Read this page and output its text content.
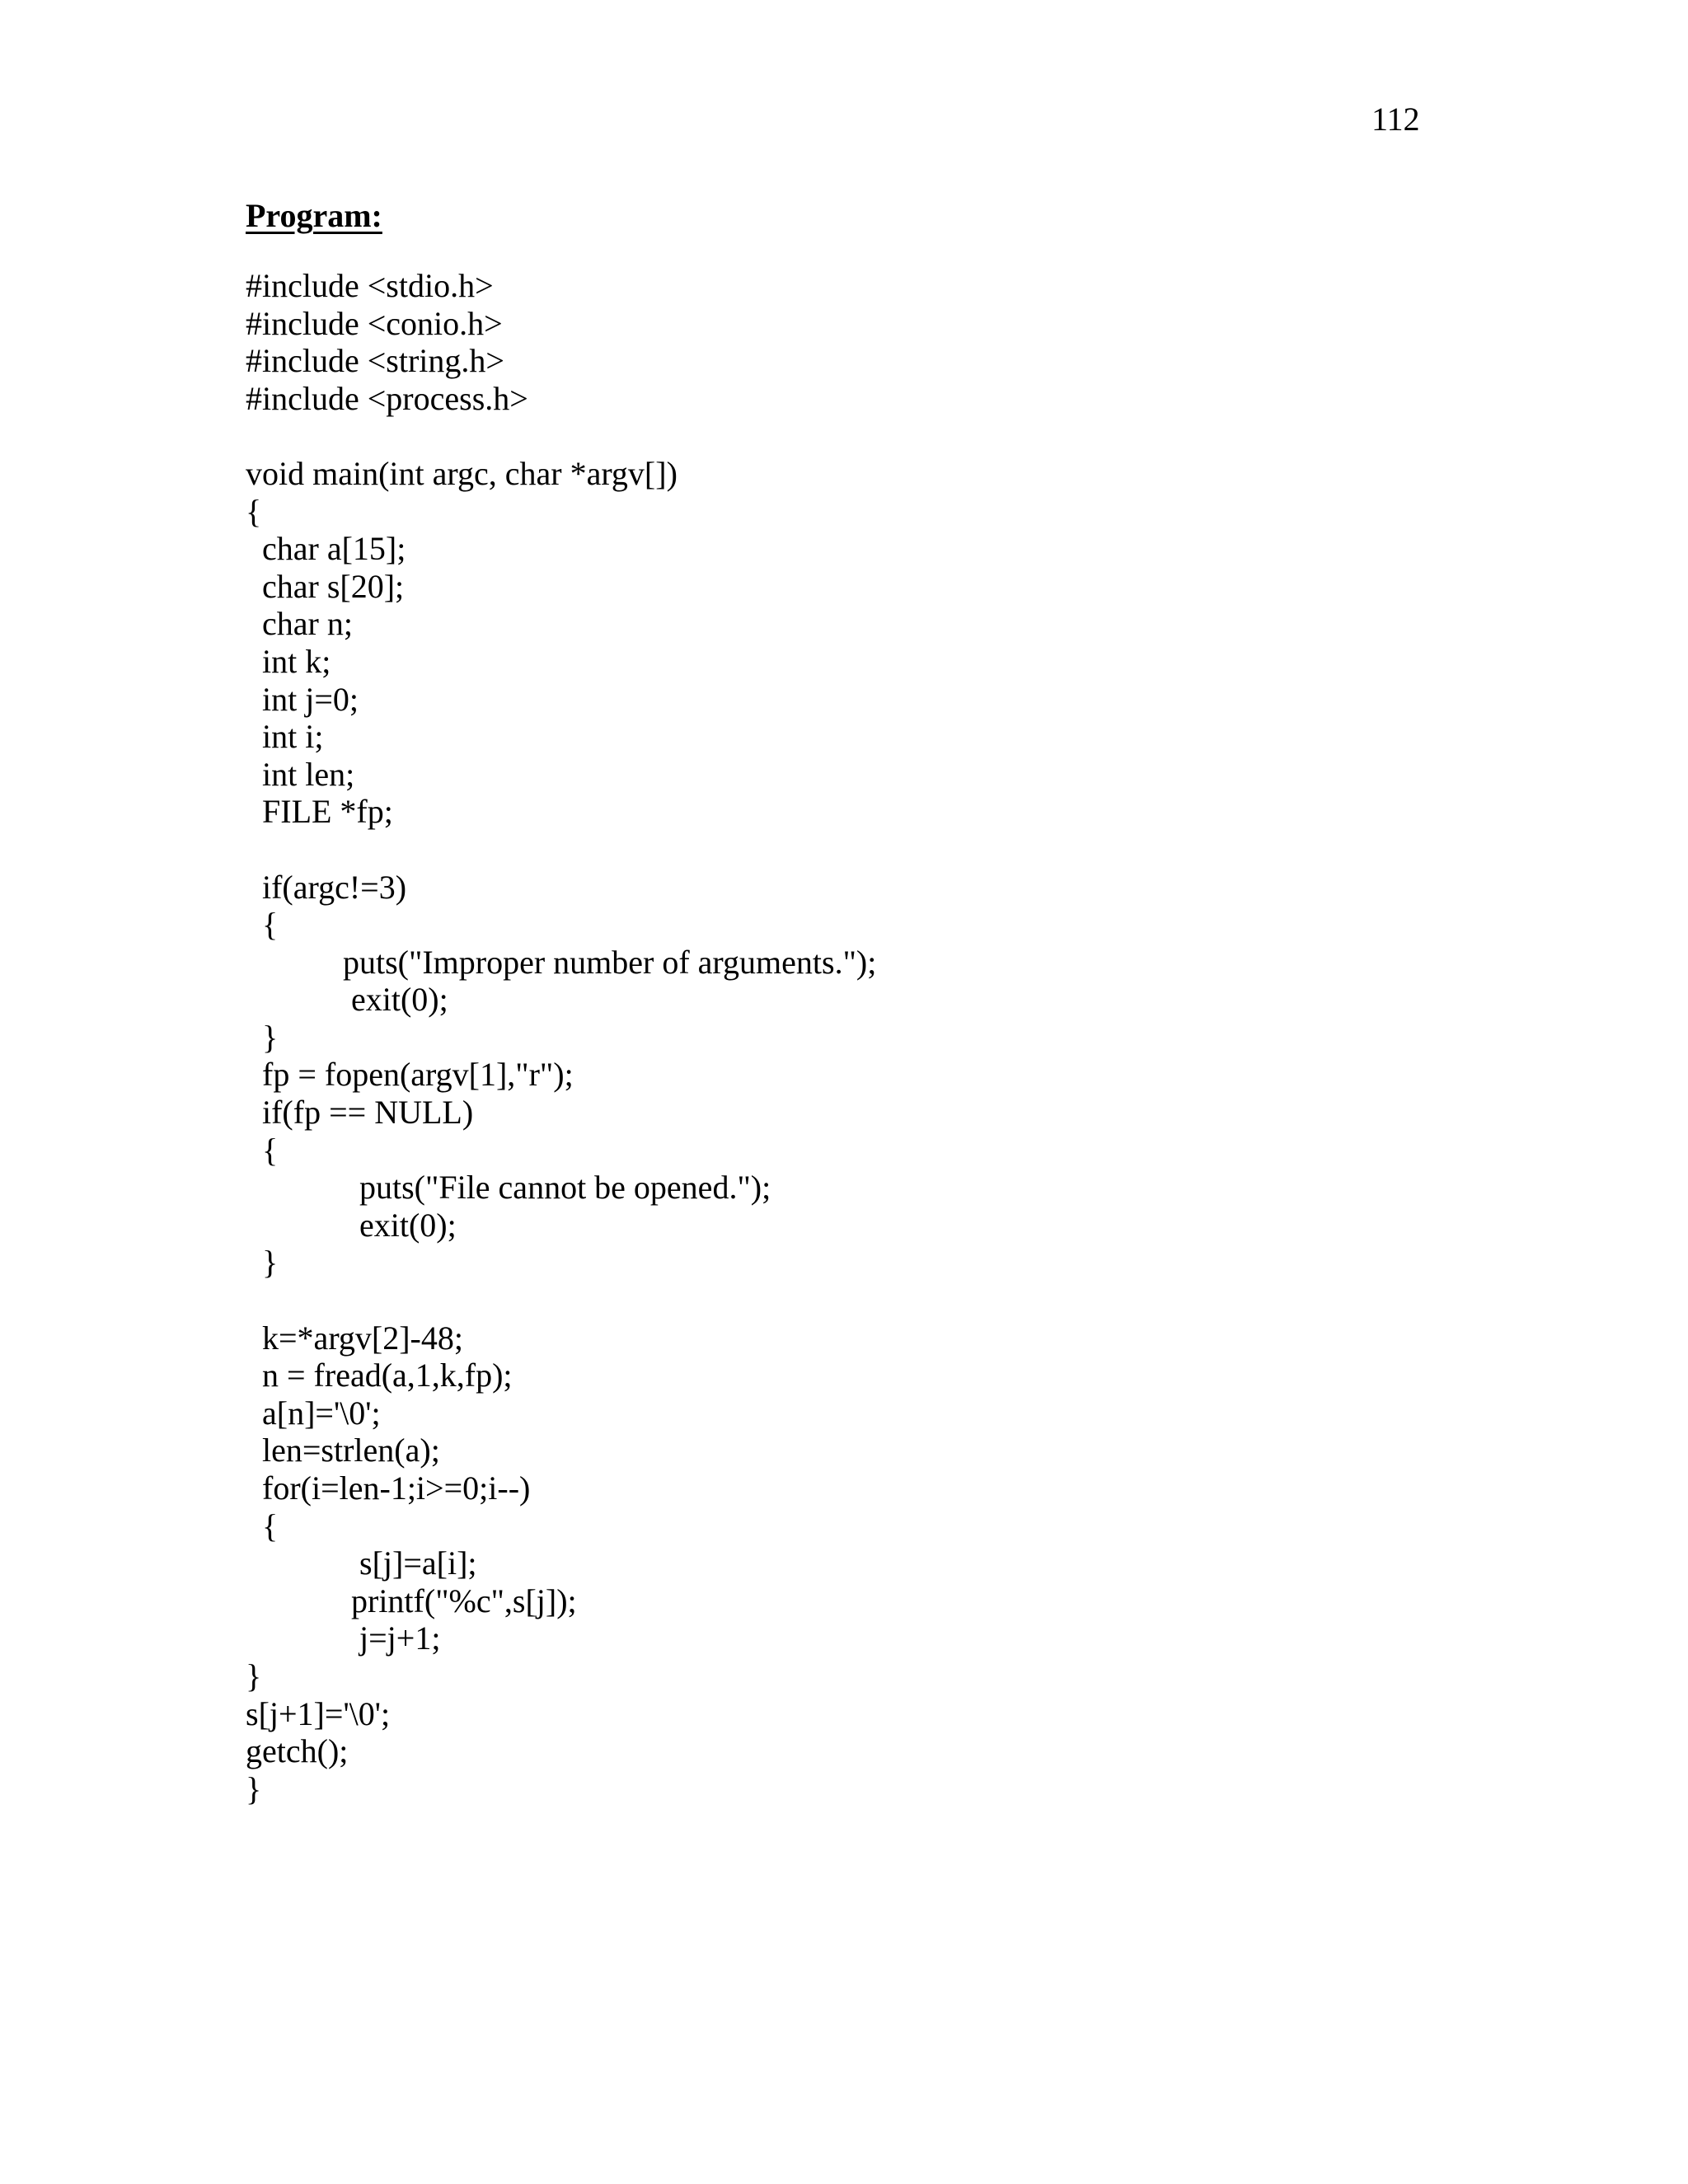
112
Program:
#include <stdio.h>
#include <conio.h>
#include <string.h>
#include <process.h>
void main(int argc, char *argv[])
{
char a[15];
char s[20];
char n;
int k;
int j=0;
int i;
int len;
FILE *fp;
if(argc!=3)
{
puts("Improper number of arguments.");
exit(0);
}
fp = fopen(argv[1],"r");
if(fp == NULL)
{
puts("File cannot be opened.");
exit(0);
}
k=*argv[2]-48;
n = fread(a,1,k,fp);
a[n]='\0';
len=strlen(a);
for(i=len-1;i>=0;i--)
{
s[j]=a[i];
printf("%c",s[j]);
j=j+1;
}
s[j+1]='\0';
getch();
}
